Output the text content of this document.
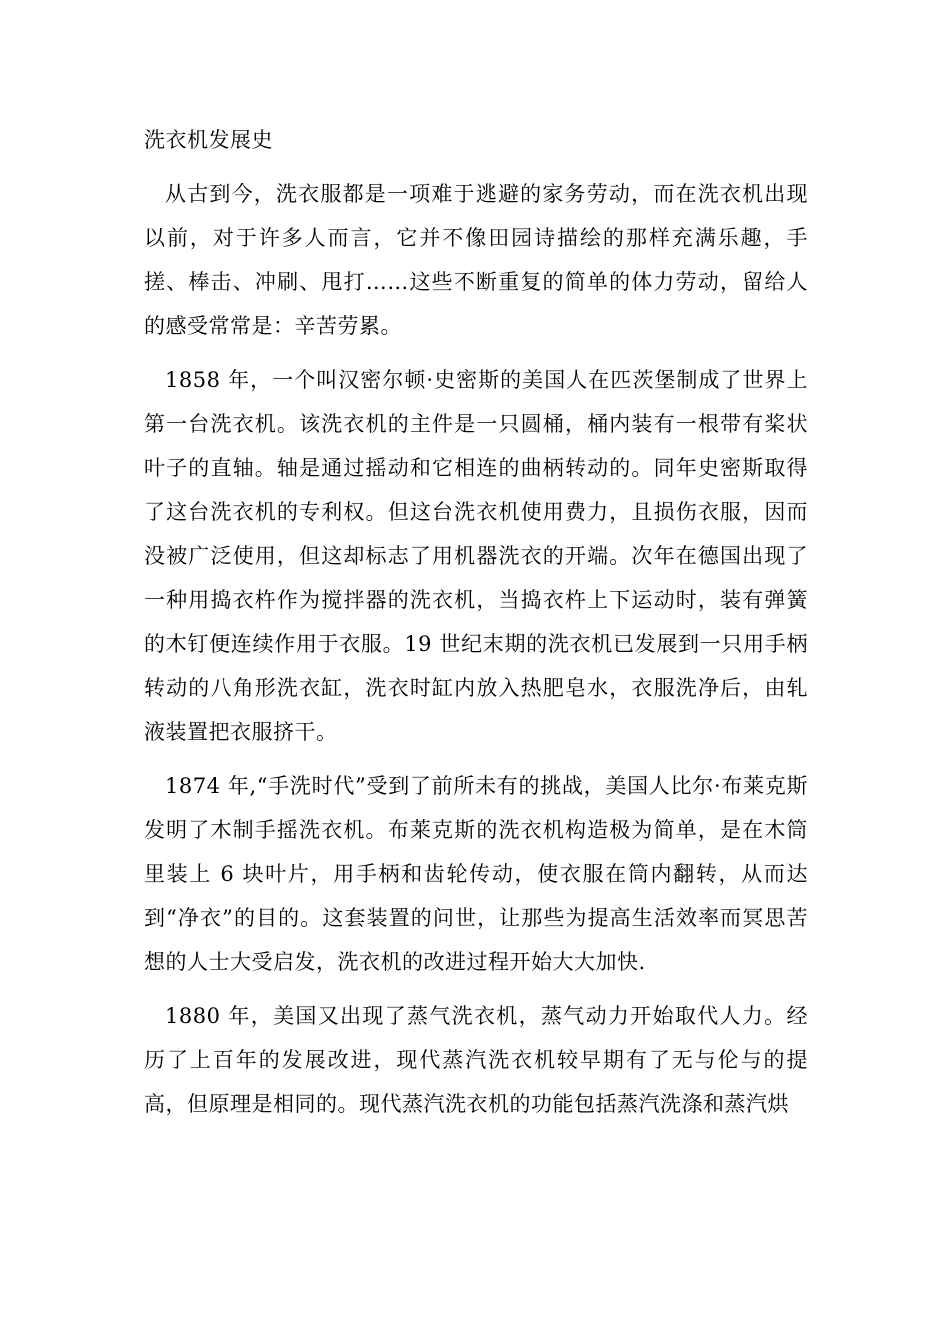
洗衣机发展史

从古到今，洗衣服都是一项难于逃避的家务劳动，而在洗衣机出现以前，对于许多人而言，它并不像田园诗描绘的那样充满乐趣，手搓、棒击、冲刷、甩打……这些不断重复的简单的体力劳动，留给人的感受常常是：辛苦劳累。

1858 年，一个叫汉密尔顿·史密斯的美国人在匹茨堡制成了世界上第一台洗衣机。该洗衣机的主件是一只圆桶，桶内装有一根带有桨状叶子的直轴。轴是通过摇动和它相连的曲柄转动的。同年史密斯取得了这台洗衣机的专利权。但这台洗衣机使用费力，且损伤衣服，因而没被广泛使用，但这却标志了用机器洗衣的开端。次年在德国出现了一种用捣衣杵作为搅拌器的洗衣机，当捣衣杵上下运动时，装有弹簧的木钉便连续作用于衣服。19 世纪末期的洗衣机已发展到一只用手柄转动的八角形洗衣缸，洗衣时缸内放入热肥皂水，衣服洗净后，由轧液装置把衣服挤干。

1874 年,“手洗时代”受到了前所未有的挑战，美国人比尔·布莱克斯发明了木制手摇洗衣机。布莱克斯的洗衣机构造极为简单，是在木筒里装上 6 块叶片，用手柄和齿轮传动，使衣服在筒内翻转，从而达到“净衣”的目的。这套装置的问世，让那些为提高生活效率而冥思苦想的人士大受启发，洗衣机的改进过程开始大大加快.

1880 年，美国又出现了蒸气洗衣机，蒸气动力开始取代人力。经历了上百年的发展改进，现代蒸汽洗衣机较早期有了无与伦与的提高，但原理是相同的。现代蒸汽洗衣机的功能包括蒸汽洗涤和蒸汽烘
